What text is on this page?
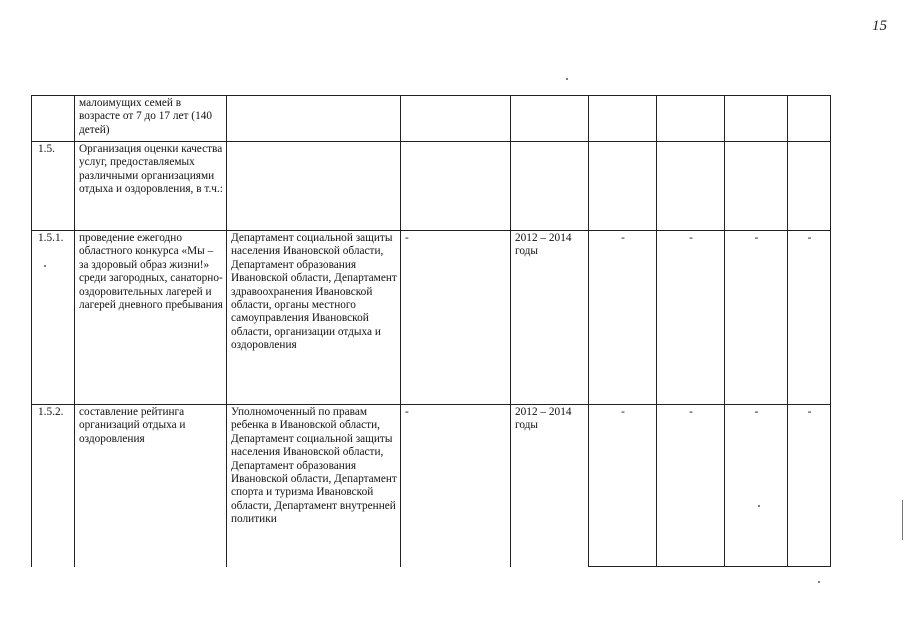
15
	малоимущих семей в возрасте от 7 до 17 лет (140 детей)							
1.5.	Организация оценки качества услуг, предоставляемых различными организациями отдыха и оздоровления, в т.ч.:							
1.5.1.	проведение ежегодно областного конкурса «Мы – за здоровый образ жизни!» среди загородных, санаторно-оздоровительных лагерей и лагерей дневного пребывания	Департамент социальной защиты населения Ивановской области, Департамент образования Ивановской области, Департамент здравоохранения Ивановской области, органы местного самоуправления Ивановской области, организации отдыха и оздоровления	-	2012 – 2014 годы	-	-	-	-
1.5.2.	составление рейтинга организаций отдыха и оздоровления	Уполномоченный по правам ребенка в Ивановской области, Департамент социальной защиты населения Ивановской области, Департамент образования Ивановской области, Департамент спорта и туризма Ивановской области, Департамент внутренней политики	-	2012 – 2014 годы	-	-	-	-
